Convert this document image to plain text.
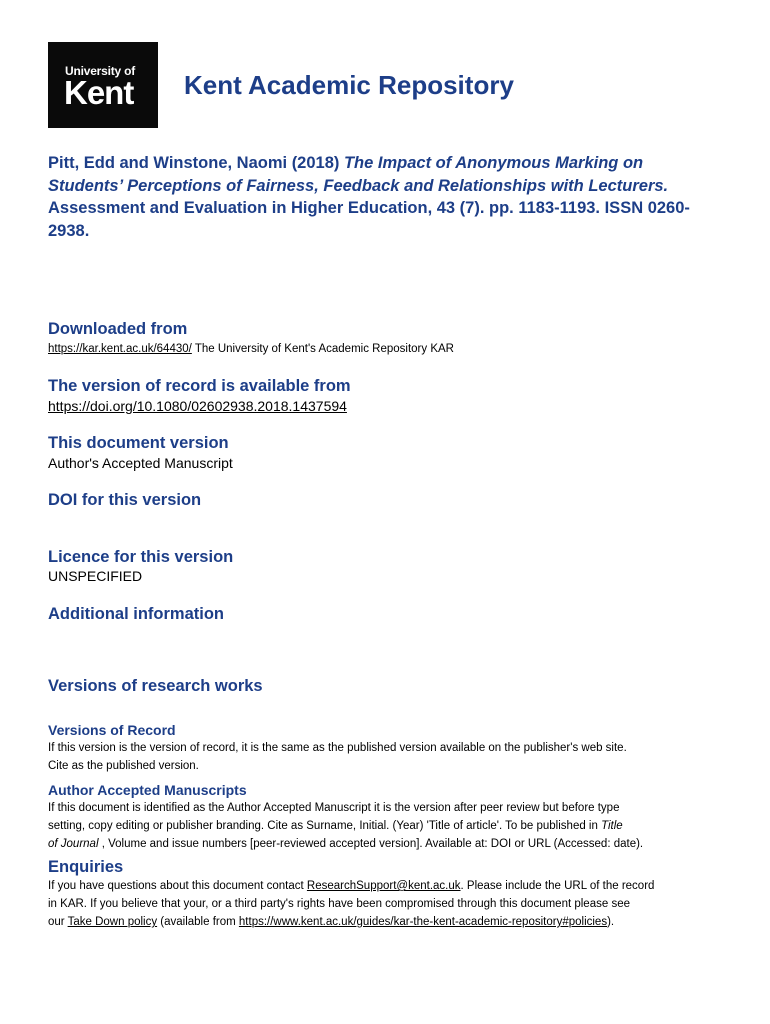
University of
Kent Kent Academic Repository
Pitt, Edd and Winstone, Naomi (2018) The Impact of Anonymous Marking on Students’ Perceptions of Fairness, Feedback and Relationships with Lecturers. Assessment and Evaluation in Higher Education, 43 (7). pp. 1183-1193. ISSN 0260-2938.
Downloaded from
https://kar.kent.ac.uk/64430/ The University of Kent's Academic Repository KAR
The version of record is available from
https://doi.org/10.1080/02602938.2018.1437594
This document version
Author's Accepted Manuscript
DOI for this version
Licence for this version
UNSPECIFIED
Additional information
Versions of research works
Versions of Record
If this version is the version of record, it is the same as the published version available on the publisher's web site.
Cite as the published version.
Author Accepted Manuscripts
If this document is identified as the Author Accepted Manuscript it is the version after peer review but before type
setting, copy editing or publisher branding. Cite as Surname, Initial. (Year) 'Title of article'. To be published in Title
of Journal , Volume and issue numbers [peer-reviewed accepted version]. Available at: DOI or URL (Accessed: date).
Enquiries
If you have questions about this document contact ResearchSupport@kent.ac.uk. Please include the URL of the record
in KAR. If you believe that your, or a third party's rights have been compromised through this document please see
our Take Down policy (available from https://www.kent.ac.uk/guides/kar-the-kent-academic-repository#policies).
